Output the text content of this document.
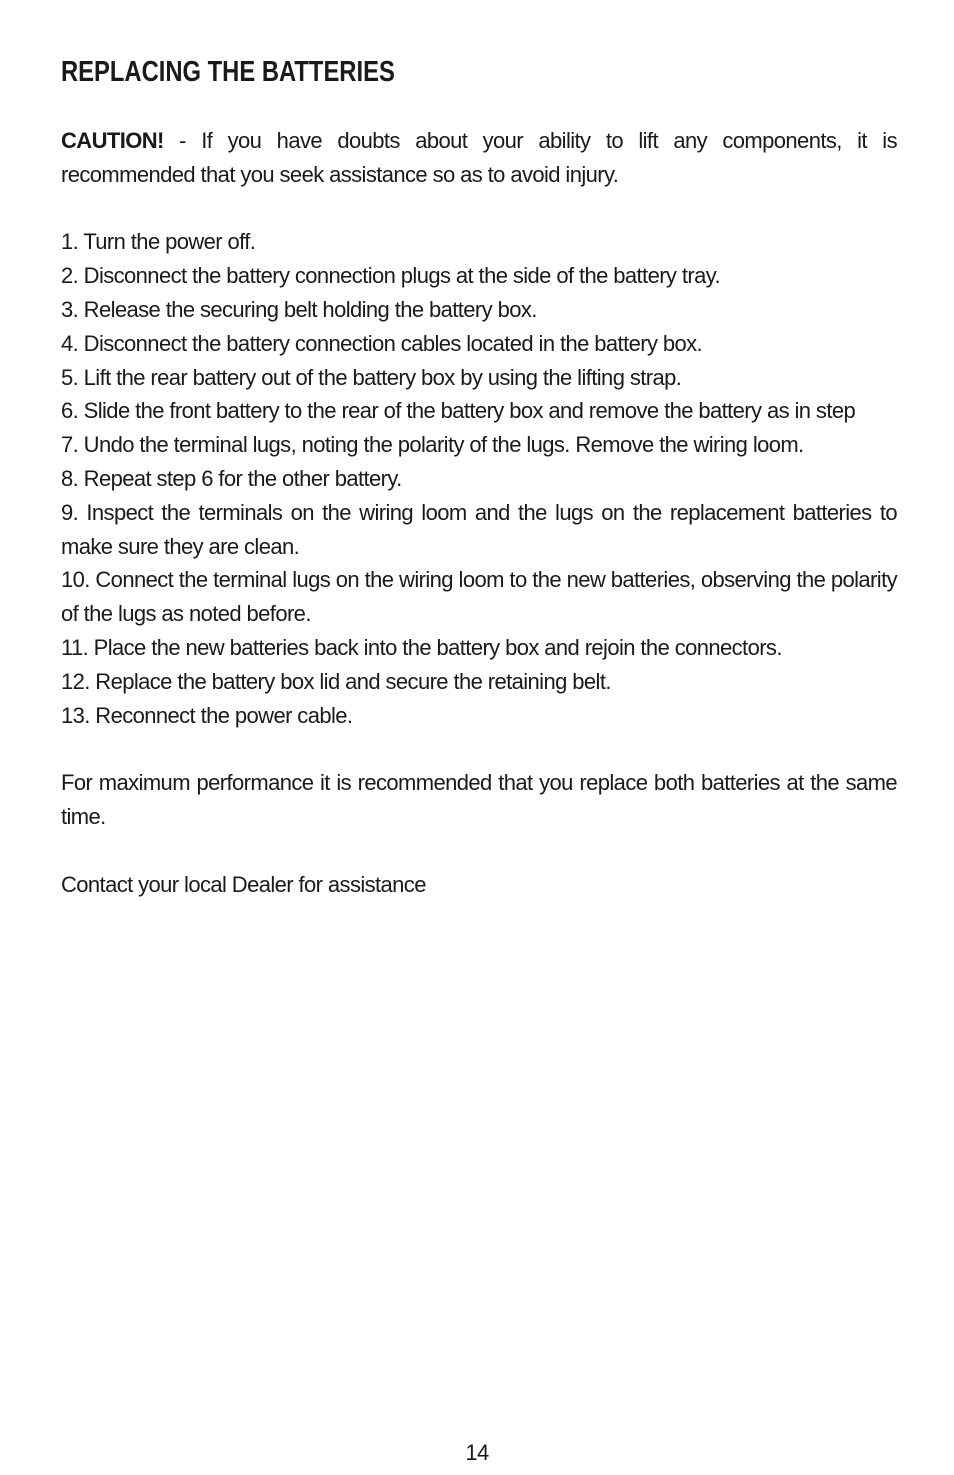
REPLACING THE BATTERIES

CAUTION! - If you have doubts about your ability to lift any components, it is recommended that you seek assistance so as to avoid injury.

1. Turn the power off.
2. Disconnect the battery connection plugs at the side of the battery tray.
3. Release the securing belt holding the battery box.
4. Disconnect the battery connection cables located in the battery box.
5. Lift the rear battery out of the battery box by using the lifting strap.
6. Slide the front battery to the rear of the battery box and remove the battery as in step
7. Undo the terminal lugs, noting the polarity of the lugs. Remove the wiring loom.
8. Repeat step 6 for the other battery.
9. Inspect the terminals on the wiring loom and the lugs on the replacement batteries to make sure they are clean.
10. Connect the terminal lugs on the wiring loom to the new batteries, observing the polarity of the lugs as noted before.
11. Place the new batteries back into the battery box and rejoin the connectors.
12. Replace the battery box lid and secure the retaining belt.
13. Reconnect the power cable.

For maximum performance it is recommended that you replace both batteries at the same time.

Contact your local Dealer for assistance

14
